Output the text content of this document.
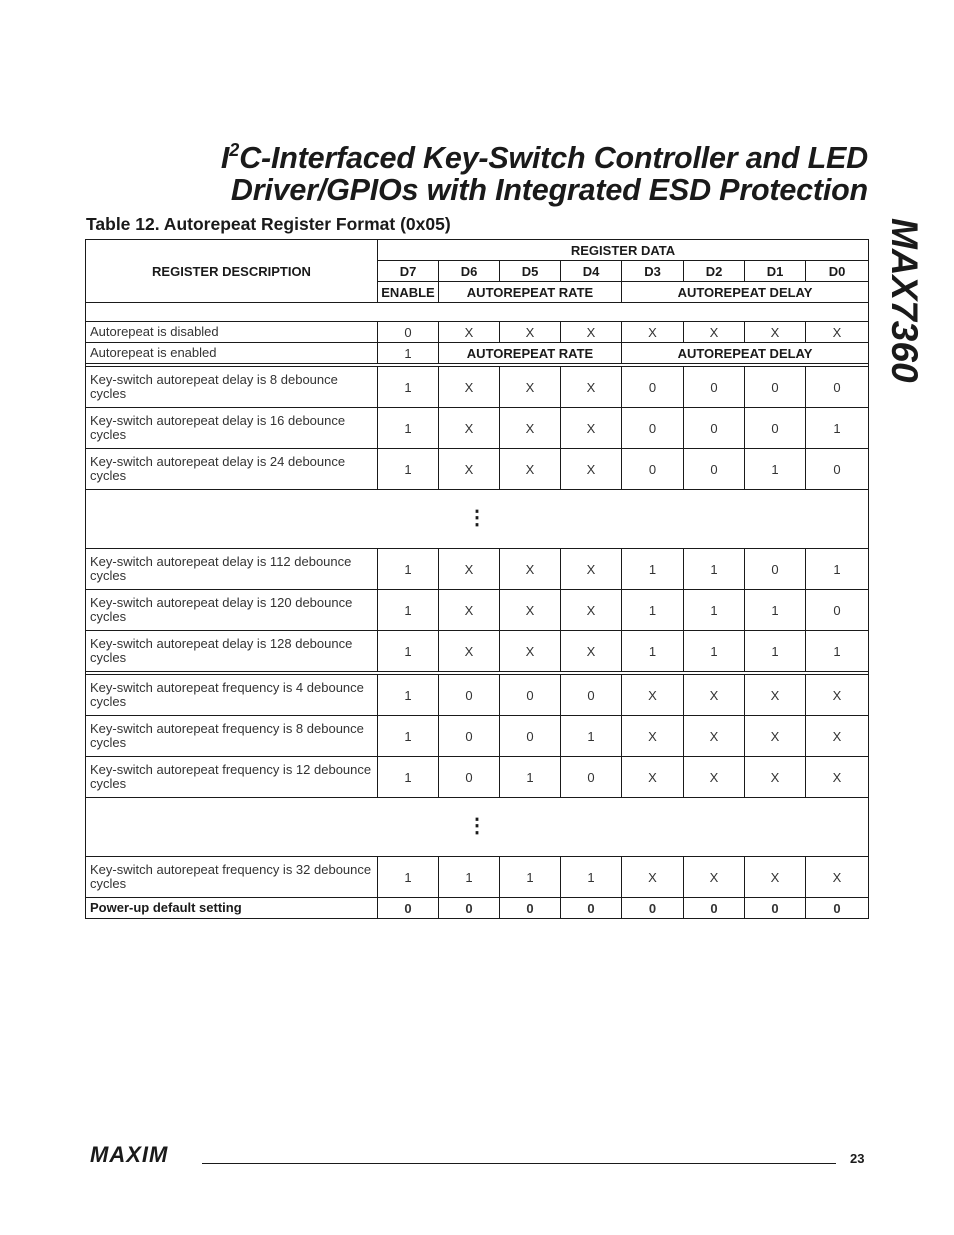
$I^2C$-Interfaced Key-Switch Controller and LED
Driver/GPIOs with Integrated ESD Protection
MAX7360
Table 12. Autorepeat Register Format (0x05)
REGISTER DESCRIPTION	REGISTER DATA							
	D7	D6	D5	D4	D3	D2	D1	D0
	ENABLE	AUTOREPEAT RATE			AUTOREPEAT DELAY			

Autorepeat is disabled	0	X	X	X	X	X	X	X
Autorepeat is enabled	1	AUTOREPEAT RATE			AUTOREPEAT DELAY			

Key-switch autorepeat delay is 8 debounce cycles	1	X	X	X	0	0	0	0
Key-switch autorepeat delay is 16 debounce cycles	1	X	X	X	0	0	0	1
Key-switch autorepeat delay is 24 debounce cycles	1	X	X	X	0	0	1	0
⋮								
Key-switch autorepeat delay is 112 debounce cycles	1	X	X	X	1	1	0	1
Key-switch autorepeat delay is 120 debounce cycles	1	X	X	X	1	1	1	0
Key-switch autorepeat delay is 128 debounce cycles	1	X	X	X	1	1	1	1

Key-switch autorepeat frequency is 4 debounce cycles	1	0	0	0	X	X	X	X
Key-switch autorepeat frequency is 8 debounce cycles	1	0	0	1	X	X	X	X
Key-switch autorepeat frequency is 12 debounce cycles	1	0	1	0	X	X	X	X
⋮								
Key-switch autorepeat frequency is 32 debounce cycles	1	1	1	1	X	X	X	X
Power-up default setting	0	0	0	0	0	0	0	0
MAXIM	23
